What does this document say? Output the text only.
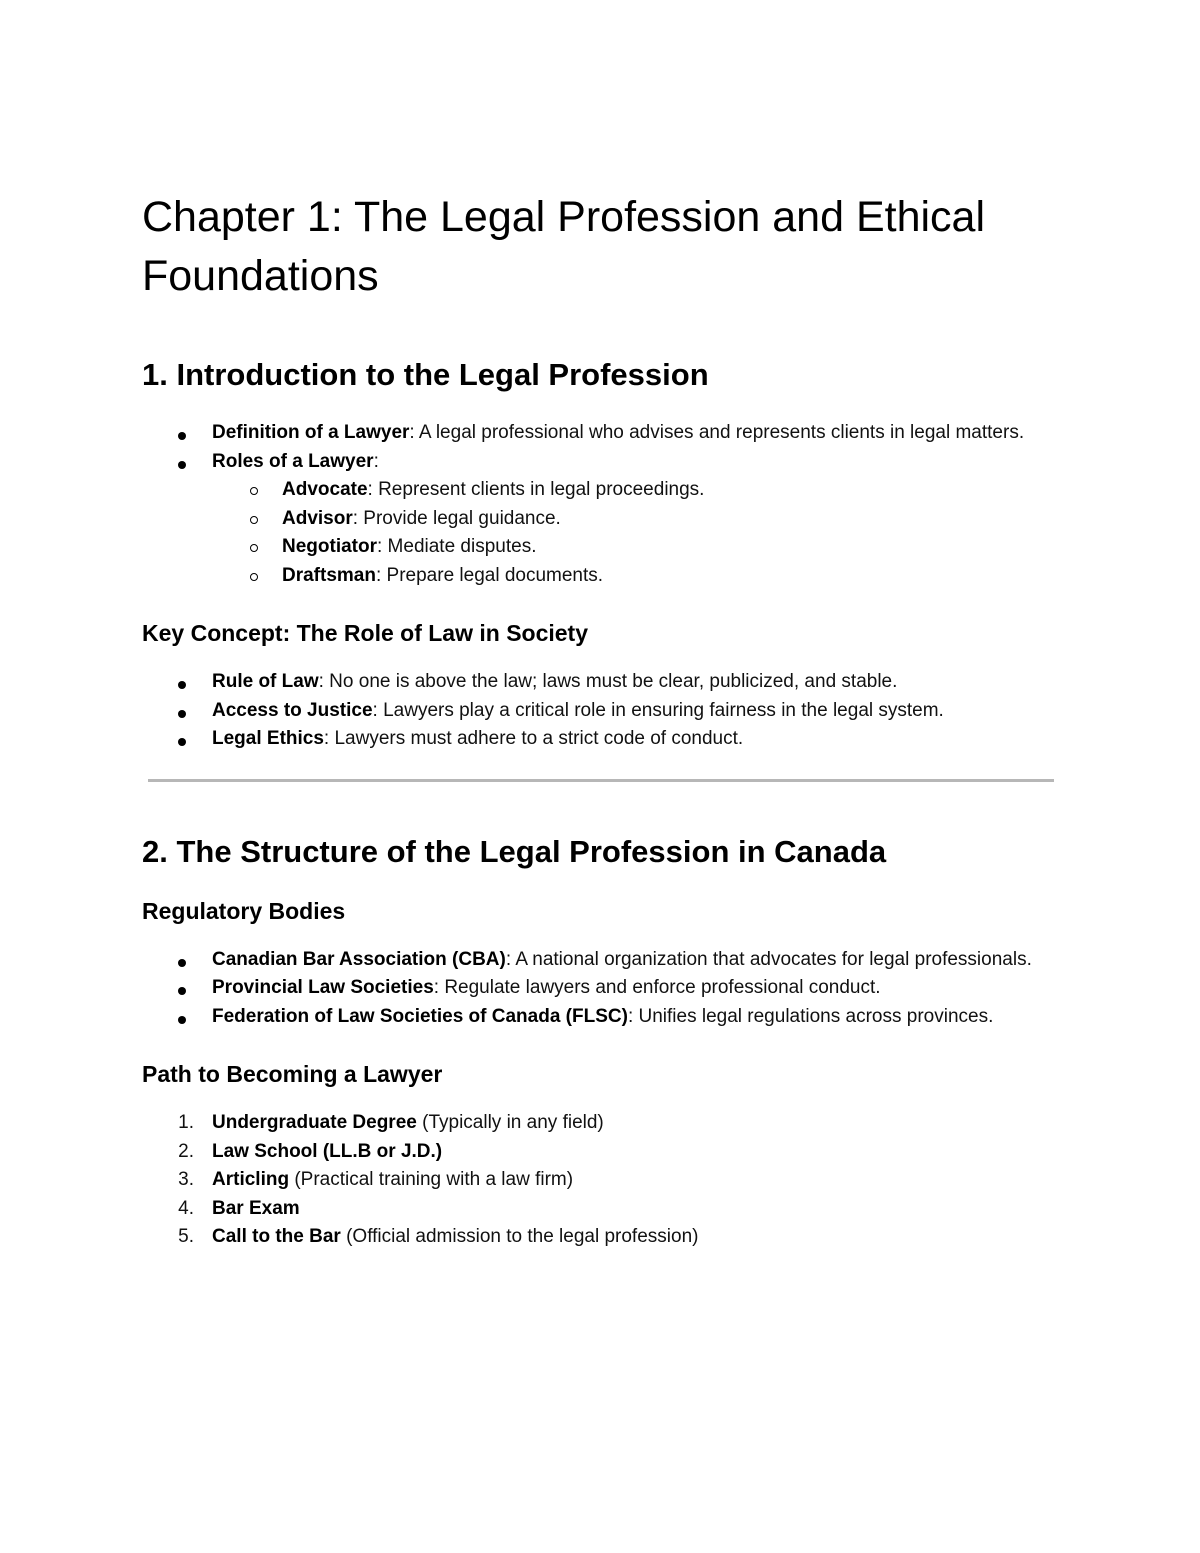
Chapter 1: The Legal Profession and Ethical Foundations
1. Introduction to the Legal Profession
Definition of a Lawyer: A legal professional who advises and represents clients in legal matters.
Roles of a Lawyer:
Advocate: Represent clients in legal proceedings.
Advisor: Provide legal guidance.
Negotiator: Mediate disputes.
Draftsman: Prepare legal documents.
Key Concept: The Role of Law in Society
Rule of Law: No one is above the law; laws must be clear, publicized, and stable.
Access to Justice: Lawyers play a critical role in ensuring fairness in the legal system.
Legal Ethics: Lawyers must adhere to a strict code of conduct.
2. The Structure of the Legal Profession in Canada
Regulatory Bodies
Canadian Bar Association (CBA): A national organization that advocates for legal professionals.
Provincial Law Societies: Regulate lawyers and enforce professional conduct.
Federation of Law Societies of Canada (FLSC): Unifies legal regulations across provinces.
Path to Becoming a Lawyer
1. Undergraduate Degree (Typically in any field)
2. Law School (LL.B or J.D.)
3. Articling (Practical training with a law firm)
4. Bar Exam
5. Call to the Bar (Official admission to the legal profession)
